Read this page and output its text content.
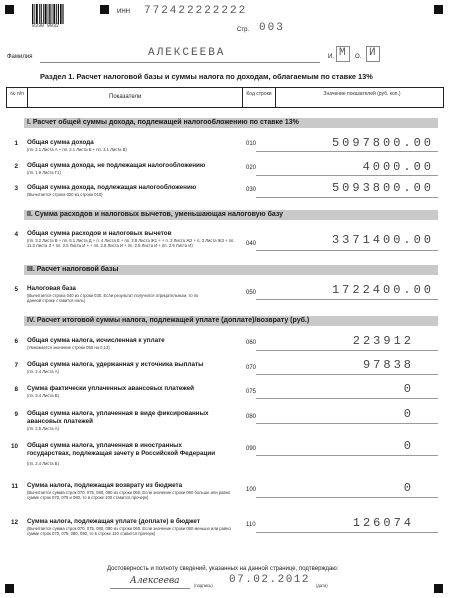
0330 9032
ИНН 772422222222
Стр. 003
Фамилия	АЛЕКСЕЕВА	И. М О. И
Раздел 1. Расчет налоговой базы и суммы налога по доходам, облагаемым по ставке 13%
№ п/п	Показатели	Код строки	Значение показателей (руб. коп.)
I. Расчет общей суммы дохода, подлежащей налогообложению по ставке 13%
II. Сумма расходов и налоговых вычетов, уменьшающая налоговую базу
III. Расчет налоговой базы
IV. Расчет итоговой суммы налога, подлежащей уплате (доплате)/возврату (руб.)
1 Общая сумма дохода
(пп. 2.1 Листа А + пп. 2.1 Листа Б + пп. 3.1 Листа В)
010	5097800.00
2 Общая сумма дохода, не подлежащая налогообложению
(пп. 1.9 Листа Г1)
020	4000.00
3 Общая сумма дохода, подлежащая налогообложению
(Вычитается строка 020 из строки 010)
030	5093800.00
4 Общая сумма расходов и налоговых вычетов
(пп. 3.2 Листа В + пп. 6.1 Листа Д + п. 4 Листа Е + пп. 2.8 Листа Ж1 + + п. 3 Листа Ж2 + п. 3 Листа Ж3 + пп. 11.3 Листа З + пп. 2.5 Листа И + + пп. 2.6 Листа И + пп. 2.8 Листа И + пп. 2.9 Листа И)	040	3371400.00
5 Налоговая база
(Вычитается строка 040 из строки 030. Если результат получился отрицательным, то по данной строке ставится ноль)
050	1722400.00
6 Общая сумма налога, исчисленная к уплате
(Умножается значение строки 050 на 0,13)
060	223912
7 Общая сумма налога, удержанная у источника выплаты
(пп. 2.4 Листа А)
070	97838
8 Сумма фактически уплаченных авансовых платежей
(пп. 3.4 Листа В)
075	0
9 Общая сумма налога, уплаченная в виде фиксированных авансовых платежей
(пп. 2.5 Листа А)
080	0
10 Общая сумма налога, уплаченная в иностранных государствах, подлежащая зачету в Российской Федерации
(пп. 2.4 Листа Б)
090	0
11 Сумма налога, подлежащая возврату из бюджета
(Вычитается сумма строк 070, 075, 080, 090 из строки 060. Если значение строки 060 больше или равно сумме строк 070, 075 и 080, то в строке 100 ставится прочерк)
100	0
12 Сумма налога, подлежащая уплате (доплате) в бюджет
(Вычитается сумма строк 070, 075, 080, 090 из строки 060. Если значение строки 060 меньше или равно сумме строк 070, 075, 080, 090, то в строке 110 ставится прочерк)
110	126074
Достоверность и полноту сведений, указанных на данной странице, подтверждаю:
Алексеева	(подпись) 07.02.2012 (дата)
